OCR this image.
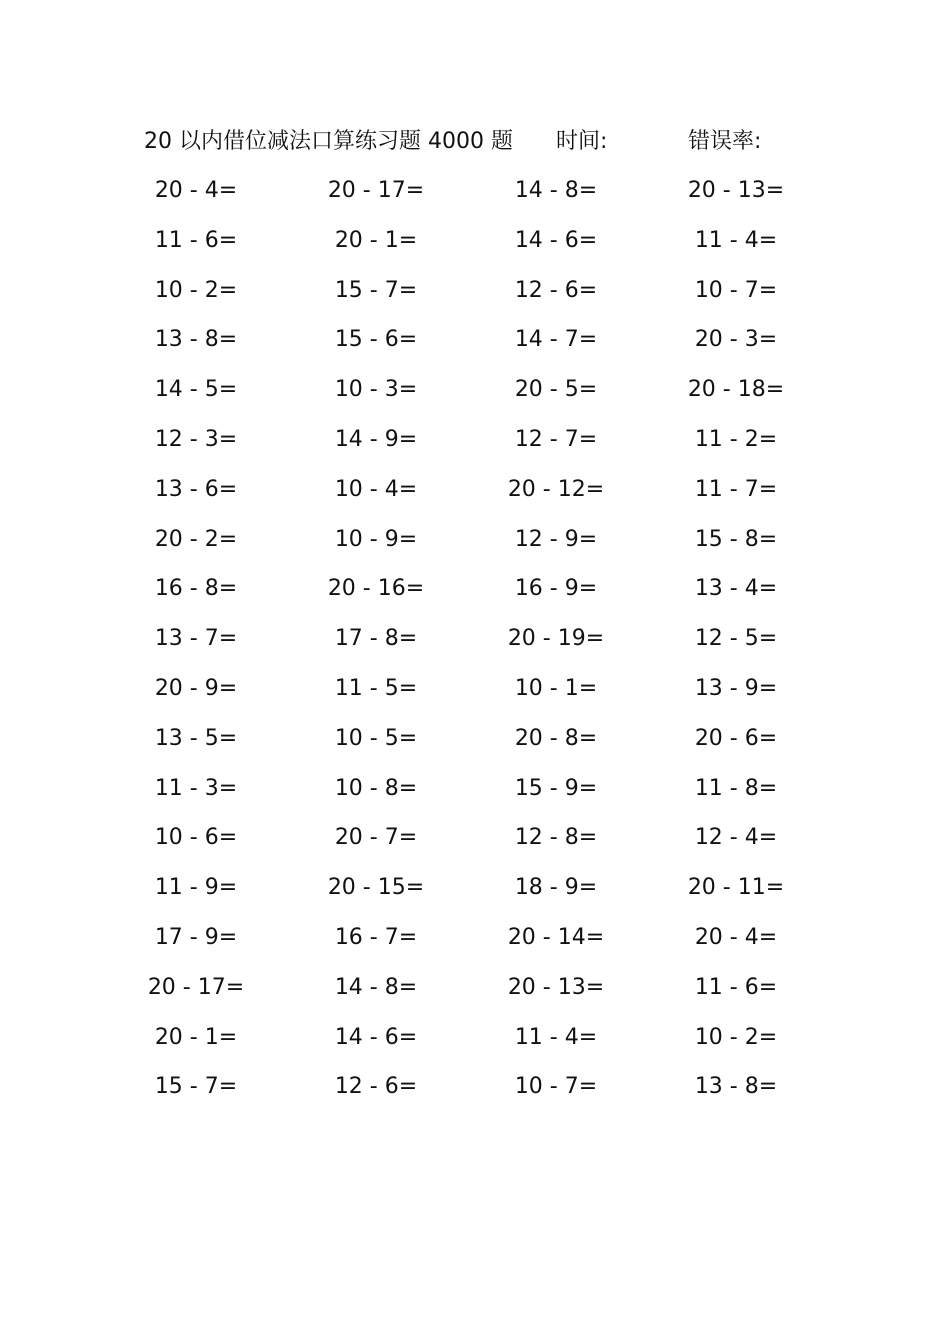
20 以内借位减法口算练习题 4000 题 时间:	错误率:
20 - 4=	20 - 17=	14 - 8=	20 - 13=
11 - 6=	20 - 1=	14 - 6=	11 - 4=
10 - 2=	15 - 7=	12 - 6=	10 - 7=
13 - 8=	15 - 6=	14 - 7=	20 - 3=
14 - 5=	10 - 3=	20 - 5=	20 - 18=
12 - 3=	14 - 9=	12 - 7=	11 - 2=
13 - 6=	10 - 4=	20 - 12=	11 - 7=
20 - 2=	10 - 9=	12 - 9=	15 - 8=
16 - 8=	20 - 16=	16 - 9=	13 - 4=
13 - 7=	17 - 8=	20 - 19=	12 - 5=
20 - 9=	11 - 5=	10 - 1=	13 - 9=
13 - 5=	10 - 5=	20 - 8=	20 - 6=
11 - 3=	10 - 8=	15 - 9=	11 - 8=
10 - 6=	20 - 7=	12 - 8=	12 - 4=
11 - 9=	20 - 15=	18 - 9=	20 - 11=
17 - 9=	16 - 7=	20 - 14=	20 - 4=
20 - 17=	14 - 8=	20 - 13=	11 - 6=
20 - 1=	14 - 6=	11 - 4=	10 - 2=
15 - 7=	12 - 6=	10 - 7=	13 - 8=
